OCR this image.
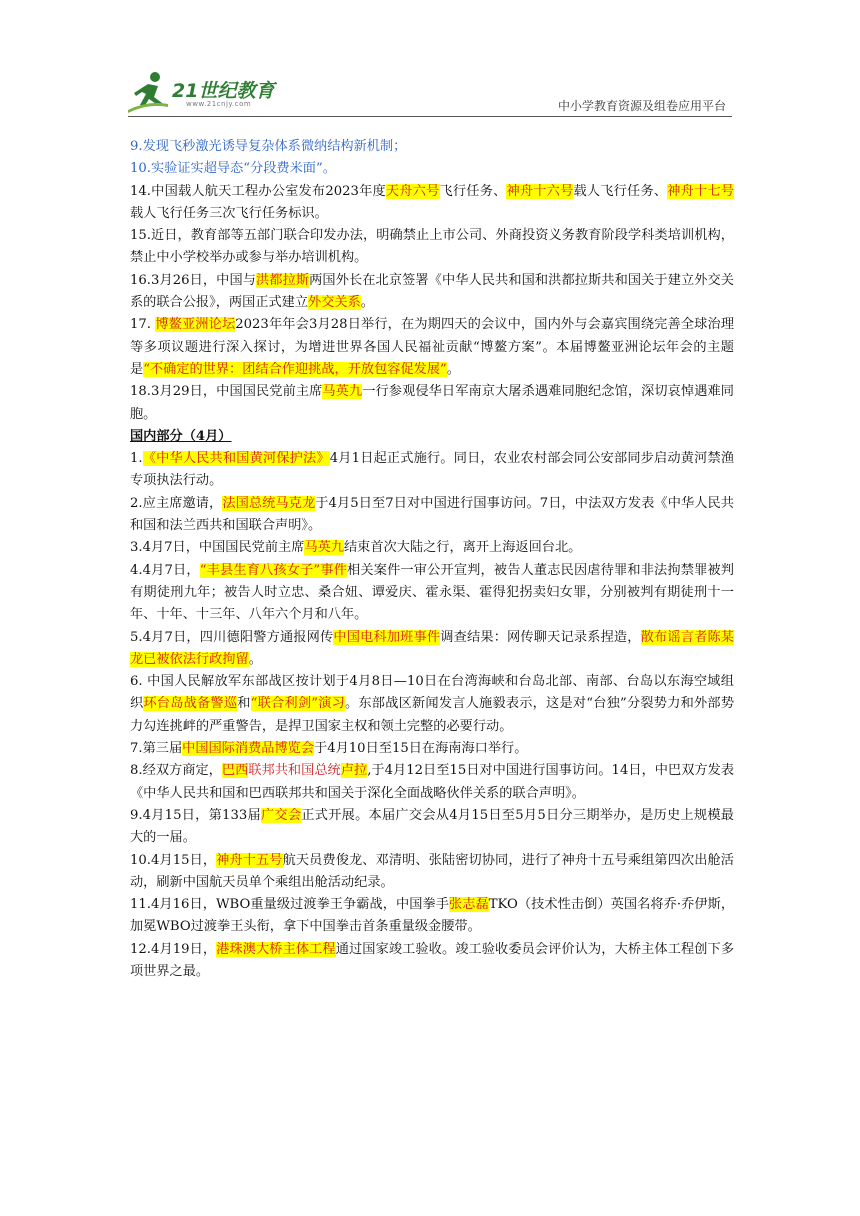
21世纪教育
www.21cnjy.com	中小学教育资源及组卷应用平台

9.发现飞秒激光诱导复杂体系微纳结构新机制；

10.实验证实超导态“分段费米面”。

14.中国载人航天工程办公室发布2023年度天舟六号飞行任务、神舟十六号载人飞行任务、神舟十七号载人飞行任务三次飞行任务标识。

15.近日，教育部等五部门联合印发办法，明确禁止上市公司、外商投资义务教育阶段学科类培训机构，禁止中小学校举办或参与举办培训机构。

16.3月26日，中国与洪都拉斯两国外长在北京签署《中华人民共和国和洪都拉斯共和国关于建立外交关系的联合公报》，两国正式建立外交关系。

17. 博鳌亚洲论坛2023年年会3月28日举行，在为期四天的会议中，国内外与会嘉宾围绕完善全球治理等多项议题进行深入探讨，为增进世界各国人民福祉贡献“博鳌方案”。本届博鳌亚洲论坛年会的主题是“不确定的世界：团结合作迎挑战，开放包容促发展”。

18.3月29日，中国国民党前主席马英九一行参观侵华日军南京大屠杀遇难同胞纪念馆，深切哀悼遇难同胞。

国内部分（4月）

1.《中华人民共和国黄河保护法》4月1日起正式施行。同日，农业农村部会同公安部同步启动黄河禁渔专项执法行动。

2.应主席邀请，法国总统马克龙于4月5日至7日对中国进行国事访问。7日，中法双方发表《中华人民共和国和法兰西共和国联合声明》。

3.4月7日，中国国民党前主席马英九结束首次大陆之行，离开上海返回台北。

4.4月7日，“丰县生育八孩女子”事件相关案件一审公开宣判，被告人董志民因虐待罪和非法拘禁罪被判有期徒刑九年；被告人时立忠、桑合妞、谭爱庆、霍永渠、霍得犯拐卖妇女罪，分别被判有期徒刑十一年、十年、十三年、八年六个月和八年。

5.4月7日，四川德阳警方通报网传中国电科加班事件调查结果：网传聊天记录系捏造，散布谣言者陈某龙已被依法行政拘留。

6. 中国人民解放军东部战区按计划于4月8日—10日在台湾海峡和台岛北部、南部、台岛以东海空域组织环台岛战备警巡和“联合利剑”演习。东部战区新闻发言人施毅表示，这是对“台独”分裂势力和外部势力勾连挑衅的严重警告，是捍卫国家主权和领土完整的必要行动。

7.第三届中国国际消费品博览会于4月10日至15日在海南海口举行。

8.经双方商定，巴西联邦共和国总统卢拉,于4月12日至15日对中国进行国事访问。14日，中巴双方发表《中华人民共和国和巴西联邦共和国关于深化全面战略伙伴关系的联合声明》。

9.4月15日，第133届广交会正式开展。本届广交会从4月15日至5月5日分三期举办，是历史上规模最大的一届。

10.4月15日，神舟十五号航天员费俊龙、邓清明、张陆密切协同，进行了神舟十五号乘组第四次出舱活动，刷新中国航天员单个乘组出舱活动纪录。

11.4月16日，WBO重量级过渡拳王争霸战，中国拳手张志磊TKO（技术性击倒）英国名将乔·乔伊斯，加冕WBO过渡拳王头衔，拿下中国拳击首条重量级金腰带。

12.4月19日，港珠澳大桥主体工程通过国家竣工验收。竣工验收委员会评价认为，大桥主体工程创下多项世界之最。
